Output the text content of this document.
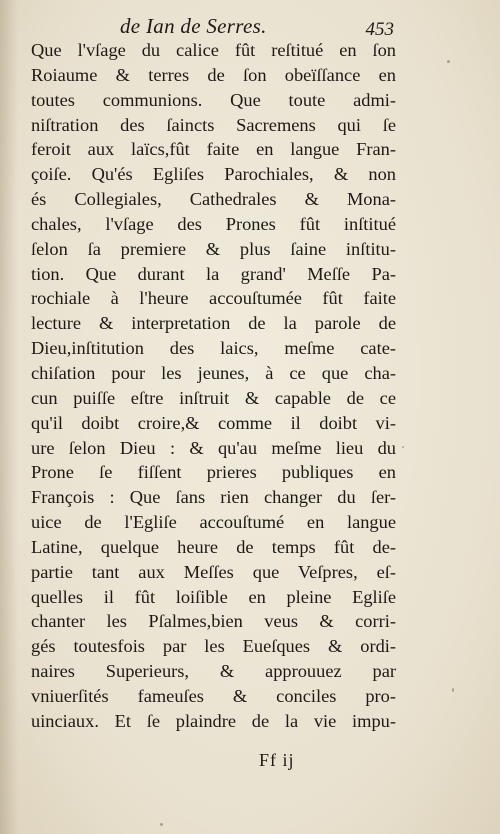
de Ian de Serres.	453
Que l'vſage du calice fût reſtitué en ſon
Roiaume & terres de ſon obeïſſance en
toutes communions. Que toute admi-
niſtration des ſaincts Sacremens qui ſe
feroit aux laïcs,fût faite en langue Fran-
çoiſe. Qu'és Egliſes Parochiales, & non
és Collegiales, Cathedrales & Mona-
chales, l'vſage des Prones fût inſtitué
ſelon ſa premiere & plus ſaine inſtitu-
tion. Que durant la grand' Meſſe Pa-
rochiale à l'heure accouſtumée fût faite
lecture & interpretation de la parole de
Dieu,inſtitution des laics, meſme cate-
chiſation pour les jeunes, à ce que cha-
cun puiſſe eſtre inſtruit & capable de ce
qu'il doibt croire,& comme il doibt vi-
ure ſelon Dieu : & qu'au meſme lieu du
Prone ſe fiſſent prieres publiques en
François : Que ſans rien changer du ſer-
uice de l'Egliſe accouſtumé en langue
Latine, quelque heure de temps fût de-
partie tant aux Meſſes que Veſpres, eſ-
quelles il fût loiſible en pleine Egliſe
chanter les Pſalmes,bien veus & corri-
gés toutesfois par les Eueſques & ordi-
naires Superieurs, & approuuez par
vniuerſités fameuſes & conciles pro-
uinciaux. Et ſe plaindre de la vie impu-
Ff ij
